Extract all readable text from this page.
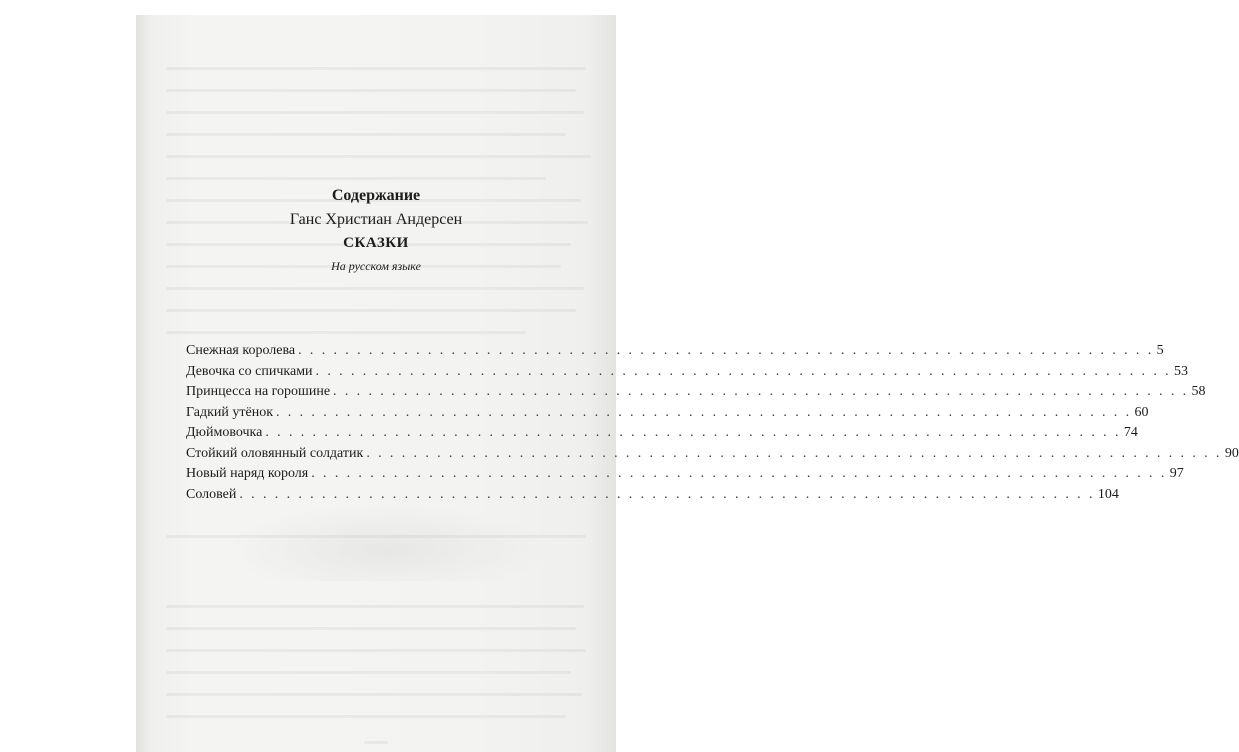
Содержание
Ганс Христиан Андерсен
СКАЗКИ
На русском языке
Снежная королева . . . . . . . . . . . . . . . . . . . . . . . . . . . . . . . . . . . . . . . . . . . . . . . . . . . . . . . . . . . . . . . . . . . . . . . . . 5
Девочка со спичками . . . . . . . . . . . . . . . . . . . . . . . . . . . . . . . . . . . . . . . . . . . . . . . . . . . . . . . . . . . . . . . . . . . . . . . . . 53
Принцесса на горошине . . . . . . . . . . . . . . . . . . . . . . . . . . . . . . . . . . . . . . . . . . . . . . . . . . . . . . . . . . . . . . . . . . . . . . . . . 58
Гадкий утёнок . . . . . . . . . . . . . . . . . . . . . . . . . . . . . . . . . . . . . . . . . . . . . . . . . . . . . . . . . . . . . . . . . . . . . . . . . 60
Дюймовочка . . . . . . . . . . . . . . . . . . . . . . . . . . . . . . . . . . . . . . . . . . . . . . . . . . . . . . . . . . . . . . . . . . . . . . . . . 74
Стойкий оловянный солдатик . . . . . . . . . . . . . . . . . . . . . . . . . . . . . . . . . . . . . . . . . . . . . . . . . . . . . . . . . . . . . . . . . . . . . . . . . 90
Новый наряд короля . . . . . . . . . . . . . . . . . . . . . . . . . . . . . . . . . . . . . . . . . . . . . . . . . . . . . . . . . . . . . . . . . . . . . . . . . 97
Соловей . . . . . . . . . . . . . . . . . . . . . . . . . . . . . . . . . . . . . . . . . . . . . . . . . . . . . . . . . . . . . . . . . . . . . . . . . 104
